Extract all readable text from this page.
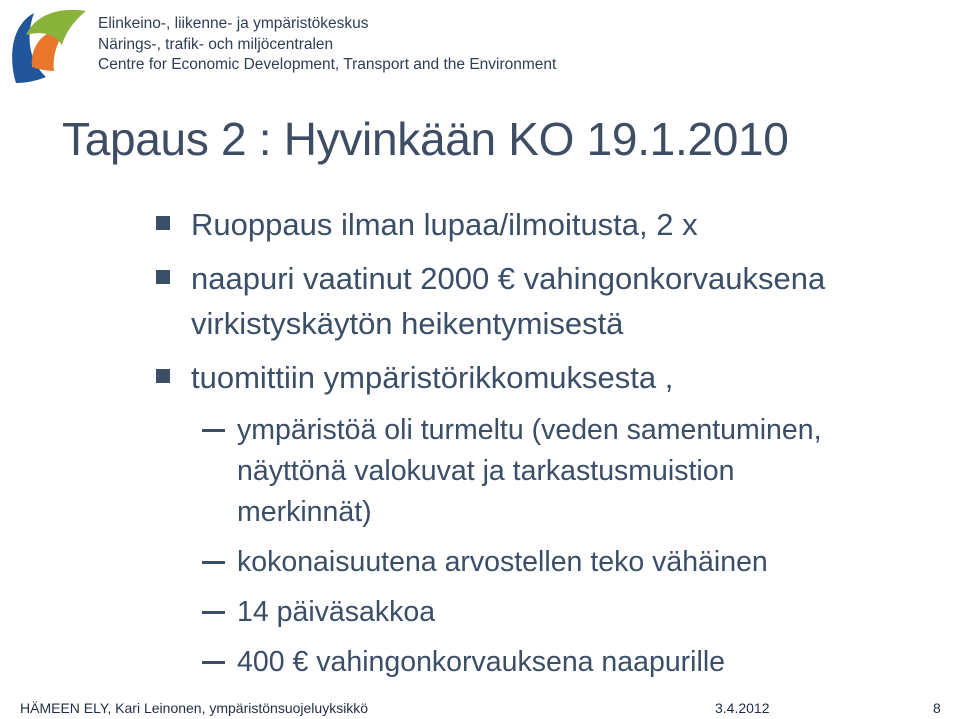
Elinkeino-, liikenne- ja ympäristökeskus
Närings-, trafik- och miljöcentralen
Centre for Economic Development, Transport and the Environment
Tapaus 2 : Hyvinkään KO 19.1.2010
Ruoppaus ilman lupaa/ilmoitusta, 2 x
naapuri vaatinut 2000 € vahingonkorvauksena
virkistyskäytön heikentymisestä
tuomittiin ympäristörikkomuksesta ,
ympäristöä oli turmeltu (veden samentuminen,
näyttönä valokuvat ja tarkastusmuistion
merkinnät)
kokonaisuutena arvostellen teko vähäinen
14 päiväsakkoa
400 € vahingonkorvauksena naapurille
HÄMEEN ELY, Kari Leinonen, ympäristönsuojeluyksikkö	3.4.2012	8
